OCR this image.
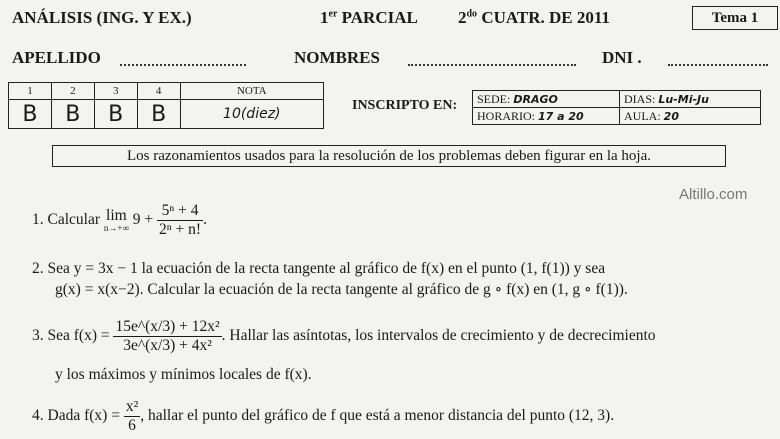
ANÁLISIS (ING. Y EX.)	1er PARCIAL $2^{do}$ CUATR. DE 2011	Tema 1
APELLIDO	NOMBRES	DNI .
1	2	3	4	NOTA
B	B	B	B	10(diez)
INSCRIPTO EN: SEDE: DRAGO	DIAS: Lu-Mi-Ju
HORARIO: 17 a 20	AULA: 20
Los razonamientos usados para la resolución de los problemas deben figurar en la hoja.
Altillo.com
1. Calcular lim
n→+∞ $9 + \frac{\text{5ⁿ + 4}}{\text{2ⁿ + n!}}$ .
2. Sea y = 3x − 1 la ecuación de la recta tangente al gráfico de f(x) en el punto (1, f(1)) y sea
g(x) = x(x−2). Calcular la ecuación de la recta tangente al gráfico de g ∘ f(x) en (1, g ∘ f(1)).
3. Sea $f(x) = \frac{\text{15e\textasciicircum{}(x/3) + 12x²}}{\text{3e\textasciicircum{}(x/3) + 4x²}}$ . Hallar las asíntotas, los intervalos de crecimiento y de decrecimiento
y los máximos y mínimos locales de f(x).
4. Dada $f(x) = \frac{\text{x²}}{6}$ , hallar el punto del gráfico de f que está a menor distancia del punto (12, 3).
